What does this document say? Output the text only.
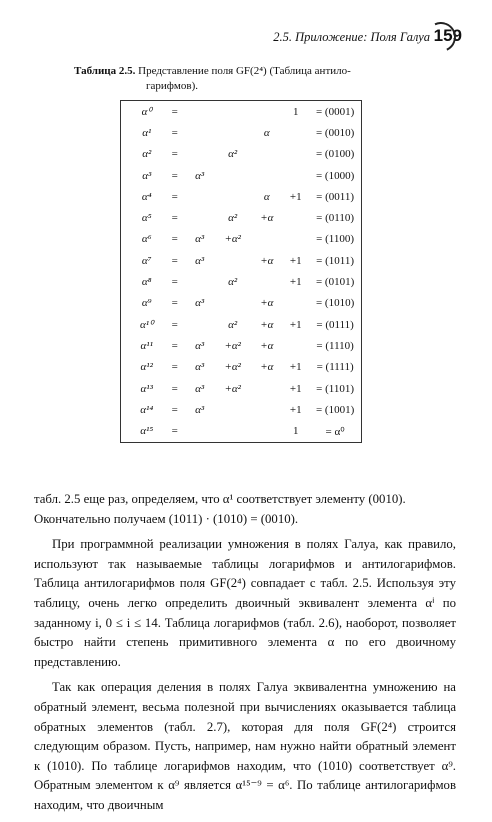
2.5. Приложение: Поля Галуа 159
Таблица 2.5. Представление поля GF(2⁴) (Таблица антило-
гарифмов).
α⁰	=				1	= (0001)
α¹	=			α		= (0010)
α²	=		α²			= (0100)
α³	=	α³				= (1000)
α⁴	=			α	+1	= (0011)
α⁵	=		α²	+α		= (0110)
α⁶	=	α³	+α²			= (1100)
α⁷	=	α³		+α	+1	= (1011)
α⁸	=		α²		+1	= (0101)
α⁹	=	α³		+α		= (1010)
α¹⁰	=		α²	+α	+1	= (0111)
α¹¹	=	α³	+α²	+α		= (1110)
α¹²	=	α³	+α²	+α	+1	= (1111)
α¹³	=	α³	+α²		+1	= (1101)
α¹⁴	=	α³			+1	= (1001)
α¹⁵	=				1	= α⁰

табл. 2.5 еще раз, определяем, что α¹ соответствует элементу (0010).
Окончательно получаем (1011) · (1010) = (0010).

При программной реализации умножения в полях Галуа, как правило, используют так называемые таблицы логарифмов и антилогарифмов. Таблица антилогарифмов поля GF(2⁴) совпадает с табл. 2.5. Используя эту таблицу, очень легко определить двоичный эквивалент элемента αⁱ по заданному i, 0 ≤ i ≤ 14. Таблица логарифмов (табл. 2.6), наоборот, позволяет быстро найти степень примитивного элемента α по его двоичному представлению.

Так как операция деления в полях Галуа эквивалентна умножению на обратный элемент, весьма полезной при вычислениях оказывается таблица обратных элементов (табл. 2.7), которая для поля GF(2⁴) строится следующим образом. Пусть, например, нам нужно найти обратный элемент к (1010). По таблице логарифмов находим, что (1010) соответствует α⁹. Обратным элементом к α⁹ является α¹⁵⁻⁹ = α⁶. По таблице антилогарифмов находим, что двоичным
